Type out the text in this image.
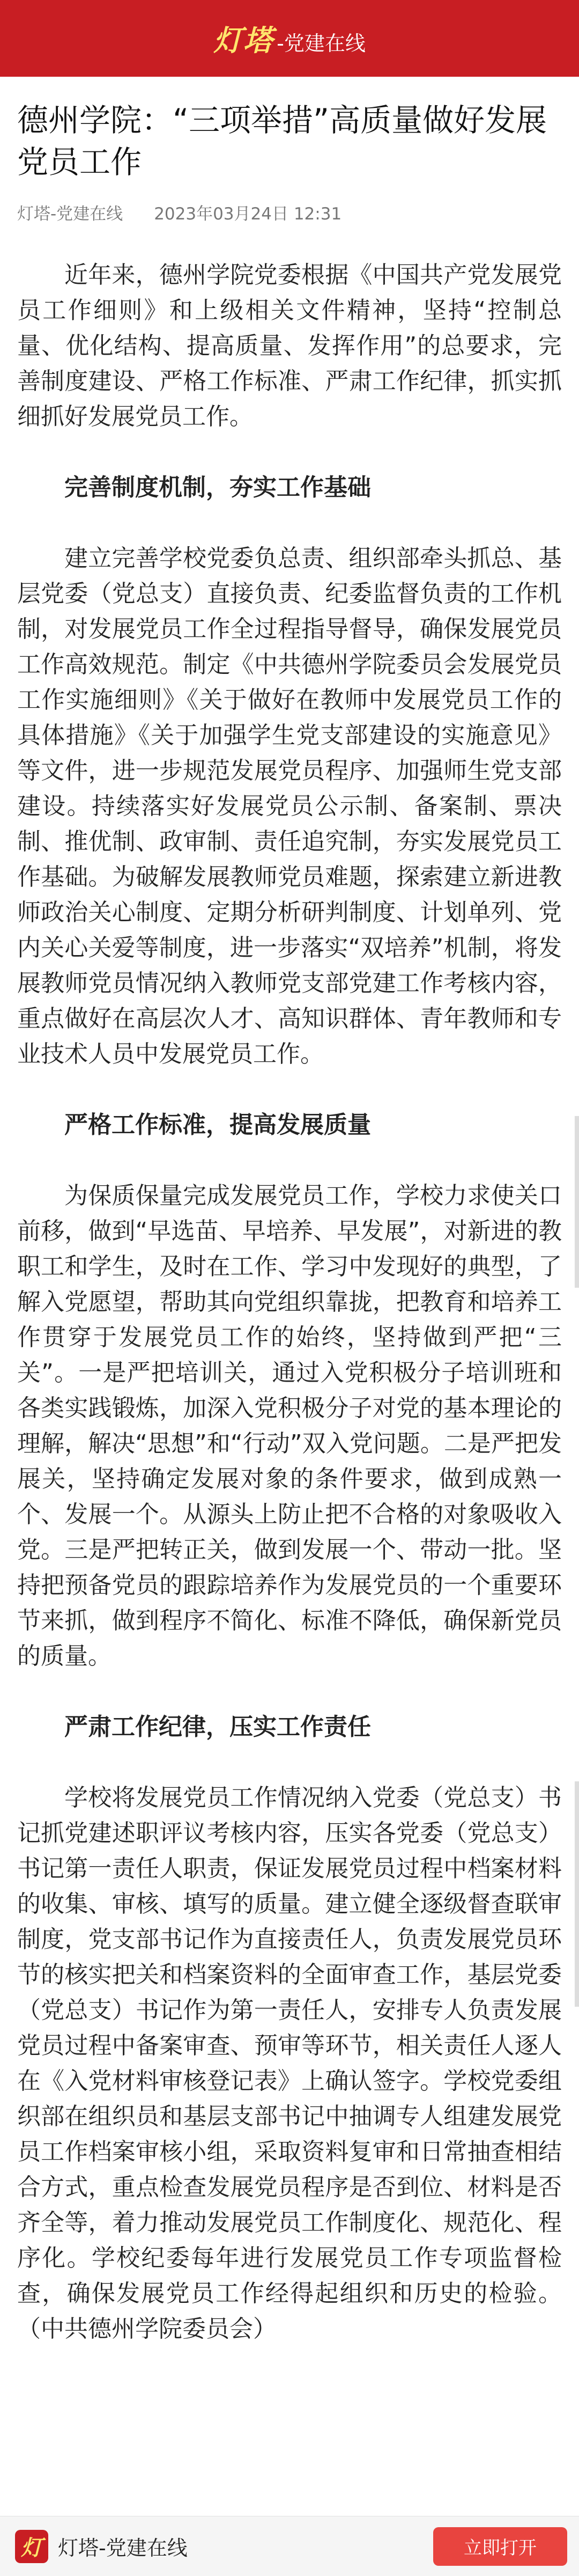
灯塔 -党建在线
德州学院：“三项举措”高质量做好发展党员工作
灯塔-党建在线 2023年03月24日 12:31

近年来，德州学院党委根据《中国共产党发展党员工作细则》和上级相关文件精神，坚持“控制总量、优化结构、提高质量、发挥作用”的总要求，完善制度建设、严格工作标准、严肃工作纪律，抓实抓细抓好发展党员工作。

完善制度机制，夯实工作基础

建立完善学校党委负总责、组织部牵头抓总、基层党委（党总支）直接负责、纪委监督负责的工作机制，对发展党员工作全过程指导督导，确保发展党员工作高效规范。制定《中共德州学院委员会发展党员工作实施细则》《关于做好在教师中发展党员工作的具体措施》《关于加强学生党支部建设的实施意见》等文件，进一步规范发展党员程序、加强师生党支部建设。持续落实好发展党员公示制、备案制、票决制、推优制、政审制、责任追究制，夯实发展党员工作基础。为破解发展教师党员难题，探索建立新进教师政治关心制度、定期分析研判制度、计划单列、党内关心关爱等制度，进一步落实“双培养”机制，将发展教师党员情况纳入教师党支部党建工作考核内容，重点做好在高层次人才、高知识群体、青年教师和专业技术人员中发展党员工作。

严格工作标准，提高发展质量

为保质保量完成发展党员工作，学校力求使关口前移，做到“早选苗、早培养、早发展”，对新进的教职工和学生，及时在工作、学习中发现好的典型，了解入党愿望，帮助其向党组织靠拢，把教育和培养工作贯穿于发展党员工作的始终，坚持做到严把“三关”。一是严把培训关，通过入党积极分子培训班和各类实践锻炼，加深入党积极分子对党的基本理论的理解，解决“思想”和“行动”双入党问题。二是严把发展关，坚持确定发展对象的条件要求，做到成熟一个、发展一个。从源头上防止把不合格的对象吸收入党。三是严把转正关，做到发展一个、带动一批。坚持把预备党员的跟踪培养作为发展党员的一个重要环节来抓，做到程序不简化、标准不降低，确保新党员的质量。

严肃工作纪律，压实工作责任

学校将发展党员工作情况纳入党委（党总支）书记抓党建述职评议考核内容，压实各党委（党总支）书记第一责任人职责，保证发展党员过程中档案材料的收集、审核、填写的质量。建立健全逐级督查联审制度，党支部书记作为直接责任人，负责发展党员环节的核实把关和档案资料的全面审查工作，基层党委（党总支）书记作为第一责任人，安排专人负责发展党员过程中备案审查、预审等环节，相关责任人逐人在《入党材料审核登记表》上确认签字。学校党委组织部在组织员和基层支部书记中抽调专人组建发展党员工作档案审核小组，采取资料复审和日常抽查相结合方式，重点检查发展党员程序是否到位、材料是否齐全等，着力推动发展党员工作制度化、规范化、程序化。学校纪委每年进行发展党员工作专项监督检查，确保发展党员工作经得起组织和历史的检验。（中共德州学院委员会）

灯 灯塔-党建在线	立即打开
